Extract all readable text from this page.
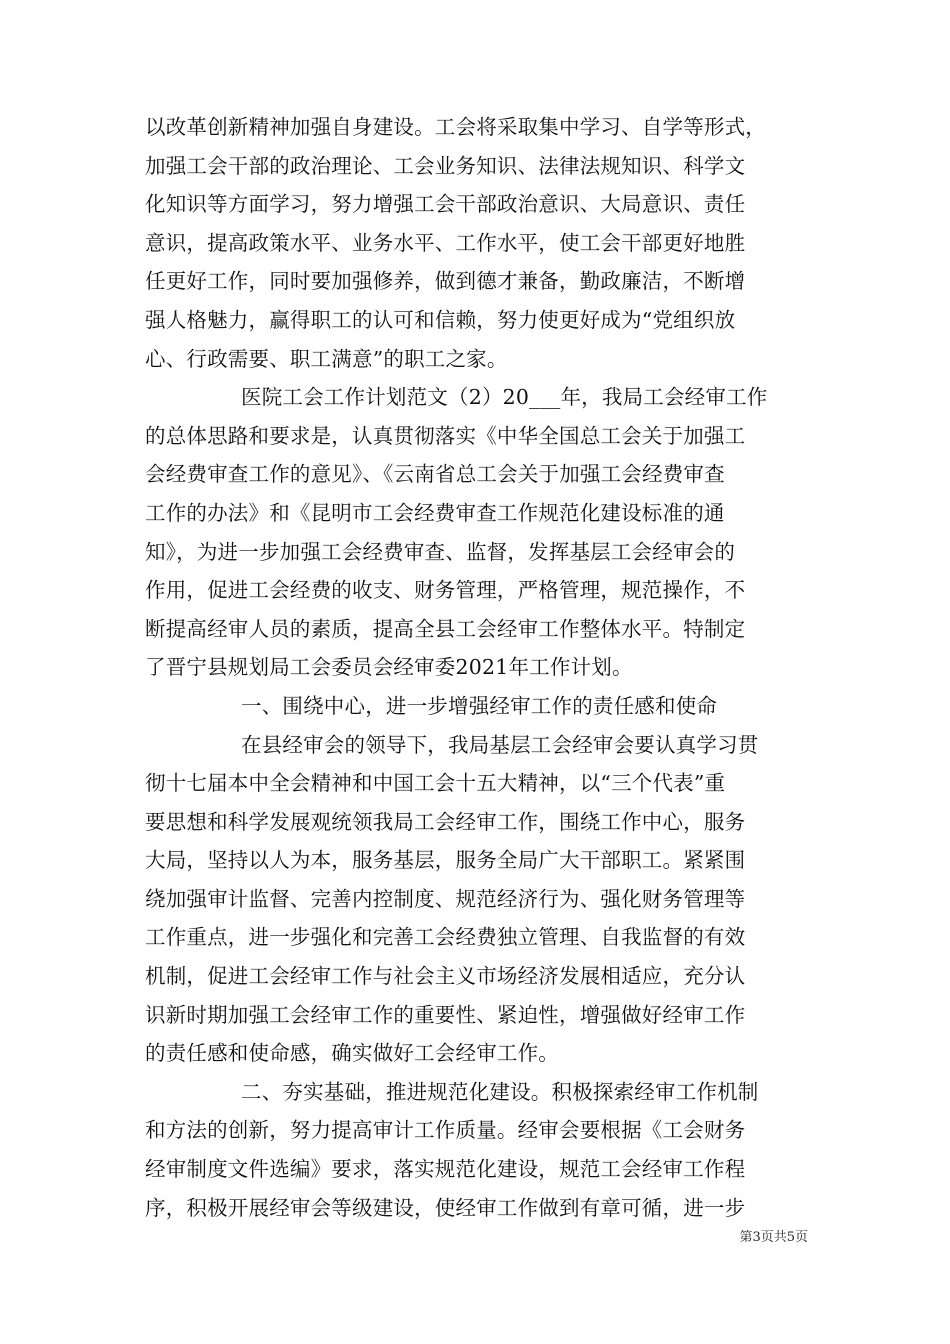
以改革创新精神加强自身建设。工会将采取集中学习、自学等形式，
加强工会干部的政治理论、工会业务知识、法律法规知识、科学文
化知识等方面学习，努力增强工会干部政治意识、大局意识、责任
意识，提高政策水平、业务水平、工作水平，使工会干部更好地胜
任更好工作，同时要加强修养，做到德才兼备，勤政廉洁，不断增
强人格魅力，赢得职工的认可和信赖，努力使更好成为“党组织放
心、行政需要、职工满意”的职工之家。
医院工会工作计划范文（2）20___年，我局工会经审工作
的总体思路和要求是，认真贯彻落实《中华全国总工会关于加强工
会经费审查工作的意见》、《云南省总工会关于加强工会经费审查
工作的办法》和《昆明市工会经费审查工作规范化建设标准的通
知》，为进一步加强工会经费审查、监督，发挥基层工会经审会的
作用，促进工会经费的收支、财务管理，严格管理，规范操作，不
断提高经审人员的素质，提高全县工会经审工作整体水平。特制定
了晋宁县规划局工会委员会经审委2021年工作计划。
一、围绕中心，进一步增强经审工作的责任感和使命
在县经审会的领导下，我局基层工会经审会要认真学习贯
彻十七届本中全会精神和中国工会十五大精神，以“三个代表”重
要思想和科学发展观统领我局工会经审工作，围绕工作中心，服务
大局，坚持以人为本，服务基层，服务全局广大干部职工。紧紧围
绕加强审计监督、完善内控制度、规范经济行为、强化财务管理等
工作重点，进一步强化和完善工会经费独立管理、自我监督的有效
机制，促进工会经审工作与社会主义市场经济发展相适应，充分认
识新时期加强工会经审工作的重要性、紧迫性，增强做好经审工作
的责任感和使命感，确实做好工会经审工作。
二、夯实基础，推进规范化建设。积极探索经审工作机制
和方法的创新，努力提高审计工作质量。经审会要根据《工会财务
经审制度文件选编》要求，落实规范化建设，规范工会经审工作程
序，积极开展经审会等级建设，使经审工作做到有章可循，进一步
第3页共5页
